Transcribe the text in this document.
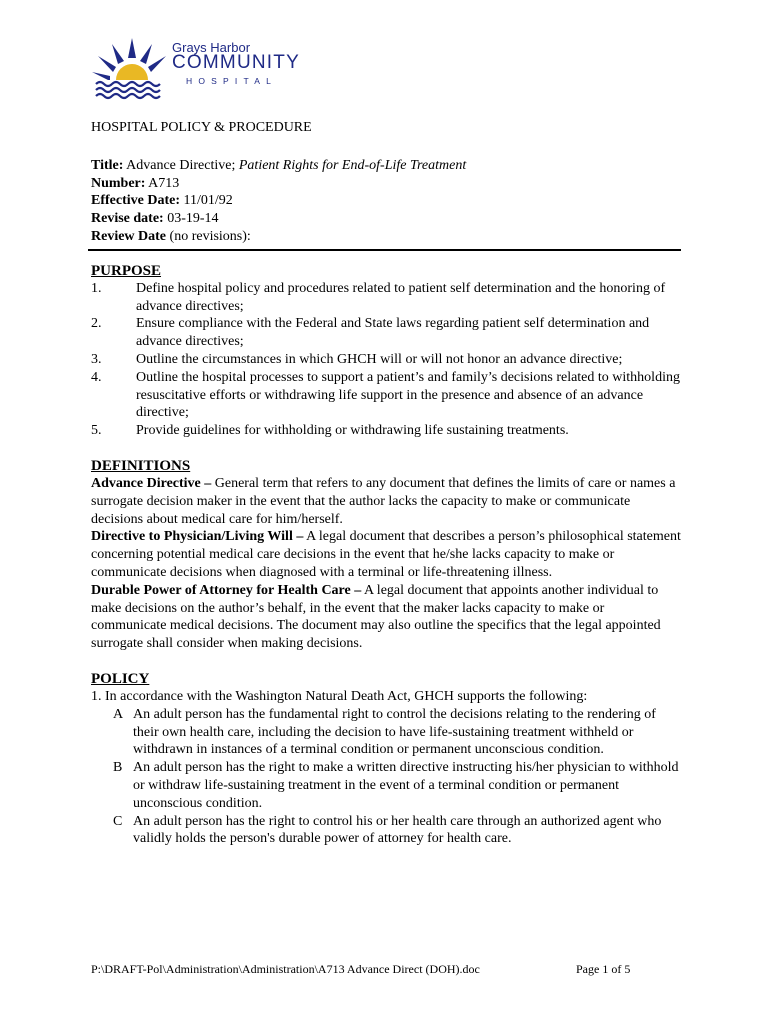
Grays Harbor
COMMUNITY
HOSPITAL

HOSPITAL POLICY & PROCEDURE

Title: Advance Directive; Patient Rights for End-of-Life Treatment

Number: A713

Effective Date: 11/01/92

Revise date: 03-19-14

Review Date (no revisions):

PURPOSE

1.	Define hospital policy and procedures related to patient self determination and the honoring of advance directives;
2.	Ensure compliance with the Federal and State laws regarding patient self determination and advance directives;
3.	Outline the circumstances in which GHCH will or will not honor an advance directive;
4.	Outline the hospital processes to support a patient’s and family’s decisions related to withholding resuscitative efforts or withdrawing life support in the presence and absence of an advance directive;
5.	Provide guidelines for withholding or withdrawing life sustaining treatments.

DEFINITIONS

Advance Directive – General term that refers to any document that defines the limits of care or names a surrogate decision maker in the event that the author lacks the capacity to make or communicate decisions about medical care for him/herself.

Directive to Physician/Living Will – A legal document that describes a person’s philosophical statement concerning potential medical care decisions in the event that he/she lacks capacity to make or communicate decisions when diagnosed with a terminal or life-threatening illness.

Durable Power of Attorney for Health Care – A legal document that appoints another individual to make decisions on the author’s behalf, in the event that the maker lacks capacity to make or communicate medical decisions. The document may also outline the specifics that the legal appointed surrogate shall consider when making decisions.

POLICY

1. In accordance with the Washington Natural Death Act, GHCH supports the following:

A An adult person has the fundamental right to control the decisions relating to the rendering of their own health care, including the decision to have life-sustaining treatment withheld or withdrawn in instances of a terminal condition or permanent unconscious condition.
B An adult person has the right to make a written directive instructing his/her physician to withhold or withdraw life-sustaining treatment in the event of a terminal condition or permanent unconscious condition.
C An adult person has the right to control his or her health care through an authorized agent who validly holds the person's durable power of attorney for health care.
P:\DRAFT-Pol\Administration\Administration\A713 Advance Direct (DOH).doc	Page 1 of 5
